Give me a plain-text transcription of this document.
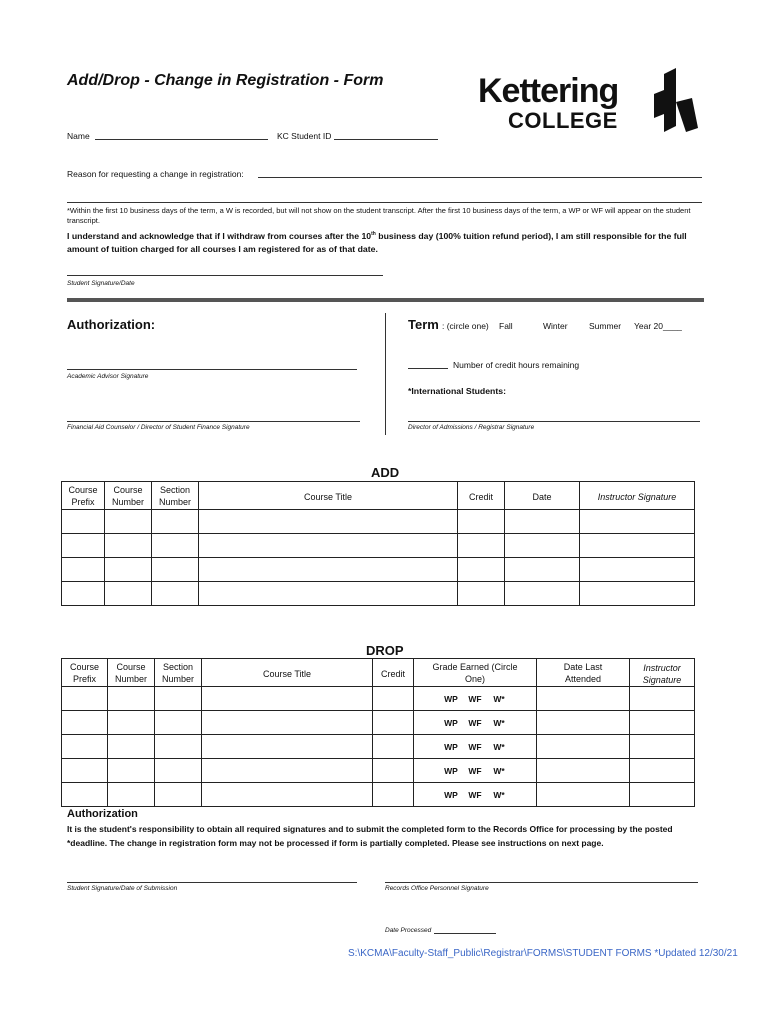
Add/Drop - Change in Registration - Form	Kettering
COLLEGE
Name	KC Student ID
Reason for requesting a change in registration:
*Within the first 10 business days of the term, a W is recorded, but will not show on the student transcript. After the first 10 business days of the term, a WP or WF will appear on the student transcript.
I understand and acknowledge that if I withdraw from courses after the 10th business day (100% tuition refund period), I am still responsible for the full amount of tuition charged for all courses I am registered for as of that date.
Student Signature/Date
Authorization:
Academic Advisor Signature
Financial Aid Counselor / Director of Student Finance Signature
Term : (circle one) Fall	Winter	Summer Year 20____
Number of credit hours remaining
*International Students:
Director of Admissions / Registrar Signature
ADD
Course Prefix	Course Number	Section Number	Course Title	Credit	Date	Instructor Signature

DROP
Course Prefix	Course Number	Section Number	Course Title	Credit	Grade Earned (Circle One)	Date Last Attended	Instructor Signature
					WP WF W*		
					WP WF W*		
					WP WF W*		
					WP WF W*		
					WP WF W*		
Authorization
It is the student's responsibility to obtain all required signatures and to submit the completed form to the Records Office for processing by the posted *deadline. The change in registration form may not be processed if form is partially completed. Please see instructions on next page.
Student Signature/Date of Submission	Records Office Personnel Signature
Date Processed
S:\KCMA\Faculty-Staff_Public\Registrar\FORMS\STUDENT FORMS *Updated 12/30/21
